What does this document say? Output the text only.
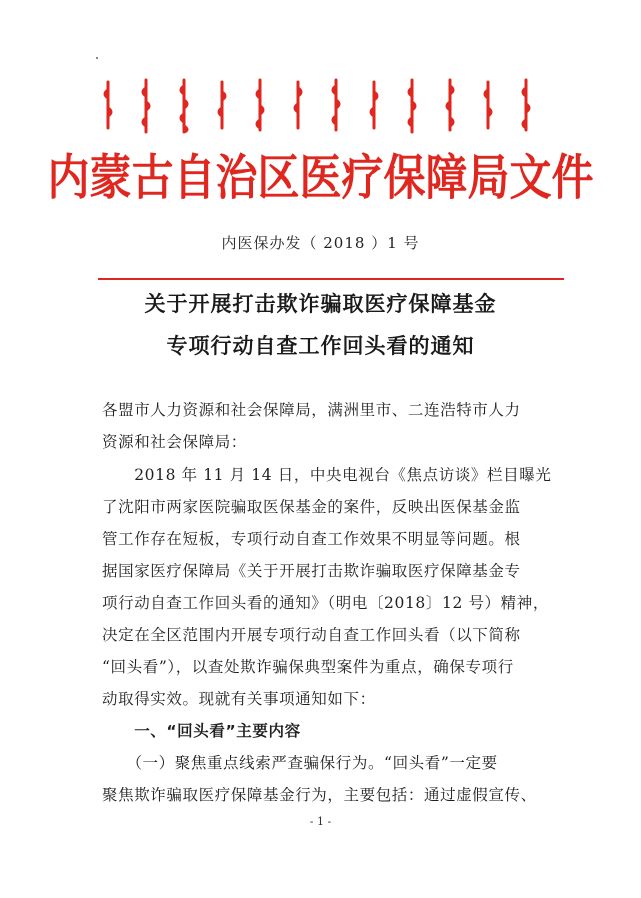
内蒙古自治区医疗保障局文件
内医保办发（ 2018 ）1 号
关于开展打击欺诈骗取医疗保障基金
专项行动自查工作回头看的通知
各盟市人力资源和社会保障局，满洲里市、二连浩特市人力
资源和社会保障局：
　　2018 年 11 月 14 日，中央电视台《焦点访谈》栏目曝光
了沈阳市两家医院骗取医保基金的案件，反映出医保基金监
管工作存在短板，专项行动自查工作效果不明显等问题。根
据国家医疗保障局《关于开展打击欺诈骗取医疗保障基金专
项行动自查工作回头看的通知》（明电〔2018〕12 号）精神，
决定在全区范围内开展专项行动自查工作回头看（以下简称
“回头看”），以查处欺诈骗保典型案件为重点，确保专项行
动取得实效。现就有关事项通知如下：
　　一、“回头看”主要内容
　　（一）聚焦重点线索严查骗保行为。“回头看”一定要
聚焦欺诈骗取医疗保障基金行为，主要包括：通过虚假宣传、
- 1 -
